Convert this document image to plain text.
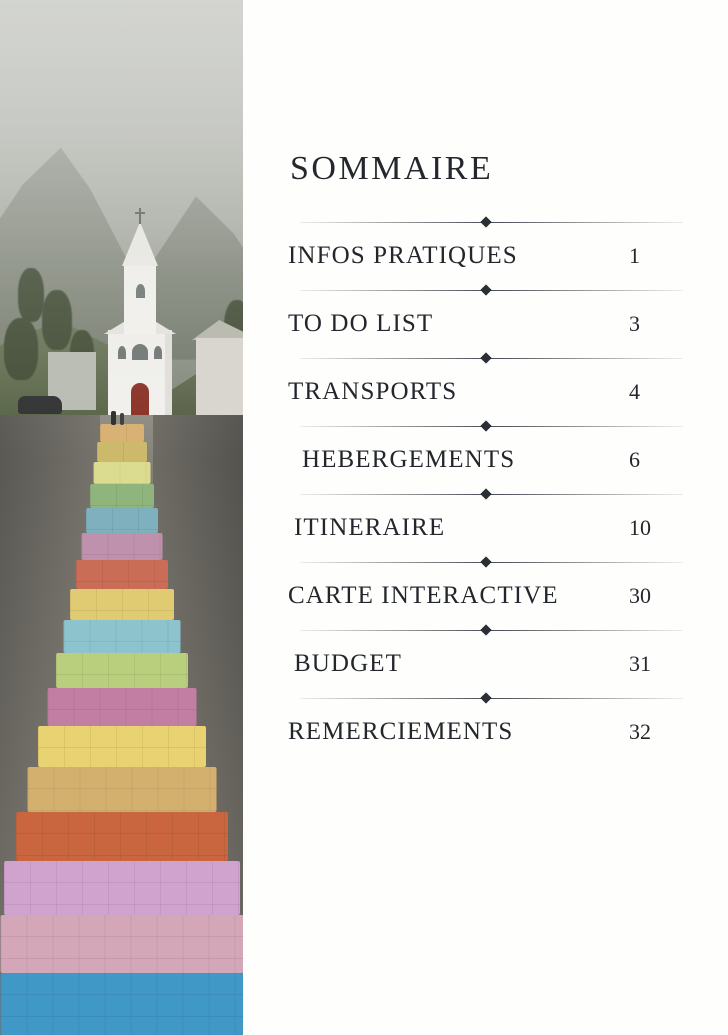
SOMMAIRE
INFOS PRATIQUES	1
TO DO LIST	3
TRANSPORTS	4
HEBERGEMENTS	6
ITINERAIRE	10
CARTE INTERACTIVE	30
BUDGET	31
REMERCIEMENTS	32
